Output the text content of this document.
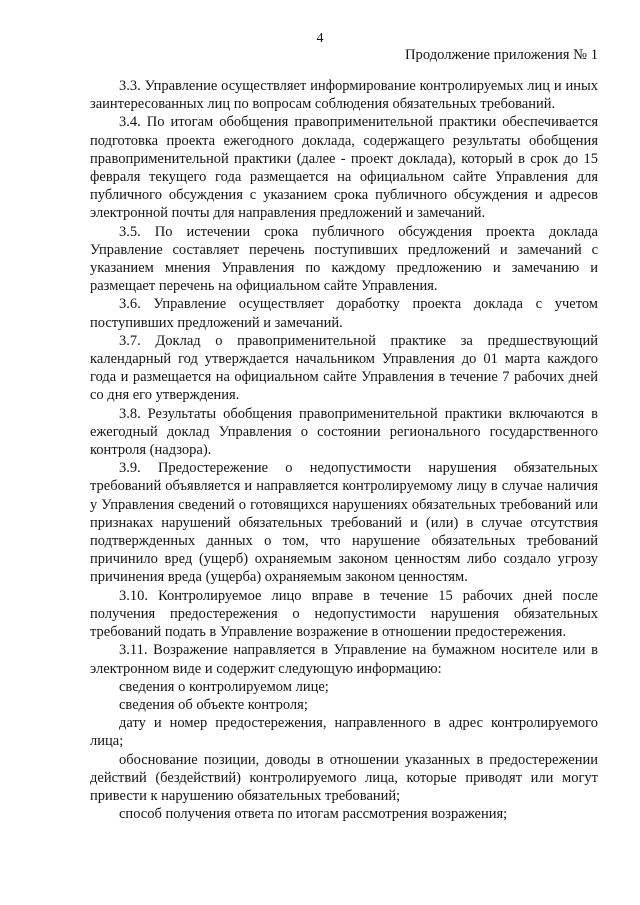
4
Продолжение приложения № 1

3.3. Управление осуществляет информирование контролируемых лиц и иных заинтересованных лиц по вопросам соблюдения обязательных требований.

3.4. По итогам обобщения правоприменительной практики обеспечивается подготовка проекта ежегодного доклада, содержащего результаты обобщения правоприменительной практики (далее - проект доклада), который в срок до 15 февраля текущего года размещается на официальном сайте Управления для публичного обсуждения с указанием срока публичного обсуждения и адресов электронной почты для направления предложений и замечаний.

3.5. По истечении срока публичного обсуждения проекта доклада Управление составляет перечень поступивших предложений и замечаний с указанием мнения Управления по каждому предложению и замечанию и размещает перечень на официальном сайте Управления.

3.6. Управление осуществляет доработку проекта доклада с учетом поступивших предложений и замечаний.

3.7. Доклад о правоприменительной практике за предшествующий календарный год утверждается начальником Управления до 01 марта каждого года и размещается на официальном сайте Управления в течение 7 рабочих дней со дня его утверждения.

3.8. Результаты обобщения правоприменительной практики включаются в ежегодный доклад Управления о состоянии регионального государственного контроля (надзора).

3.9. Предостережение о недопустимости нарушения обязательных требований объявляется и направляется контролируемому лицу в случае наличия у Управления сведений о готовящихся нарушениях обязательных требований или признаках нарушений обязательных требований и (или) в случае отсутствия подтвержденных данных о том, что нарушение обязательных требований причинило вред (ущерб) охраняемым законом ценностям либо создало угрозу причинения вреда (ущерба) охраняемым законом ценностям.

3.10. Контролируемое лицо вправе в течение 15 рабочих дней после получения предостережения о недопустимости нарушения обязательных требований подать в Управление возражение в отношении предостережения.

3.11. Возражение направляется в Управление на бумажном носителе или в электронном виде и содержит следующую информацию:

сведения о контролируемом лице;

сведения об объекте контроля;

дату и номер предостережения, направленного в адрес контролируемого лица;

обоснование позиции, доводы в отношении указанных в предостережении действий (бездействий) контролируемого лица, которые приводят или могут привести к нарушению обязательных требований;

способ получения ответа по итогам рассмотрения возражения;
